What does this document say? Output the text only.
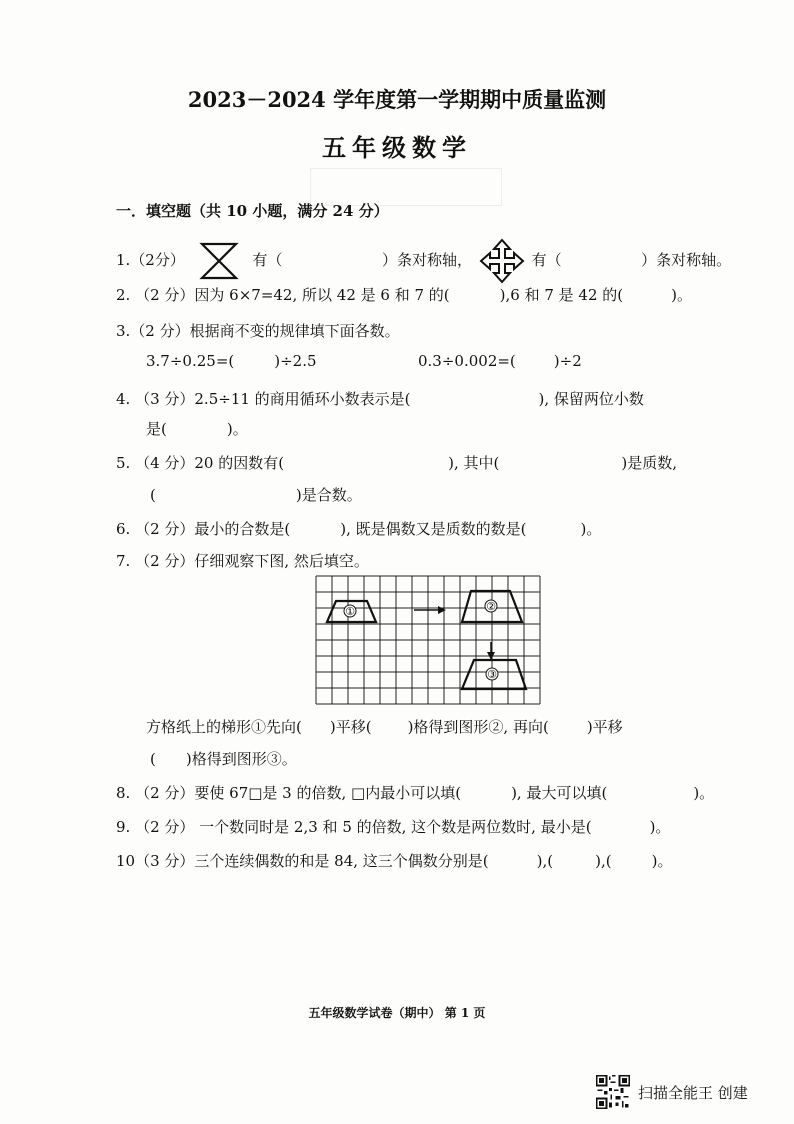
2023－2024 学年度第一学期期中质量监测
五年级数学
一．填空题（共 10 小题，满分 24 分）
1.（2分）	有（	）条对称轴，	有（	）条对称轴。
2. （2 分）因为 6×7=42, 所以 42 是 6 和 7 的(	),6 和 7 是 42 的(	)。
3.（2 分）根据商不变的规律填下面各数。
3.7÷0.25=(	)÷2.5	0.3÷0.002=(	)÷2
4. （3 分）2.5÷11 的商用循环小数表示是(	), 保留两位小数
是(	)。
5. （4 分）20 的因数有(	), 其中(	)是质数,
(	)是合数。
6. （2 分）最小的合数是(	), 既是偶数又是质数的数是(	)。
7. （2 分）仔细观察下图, 然后填空。
①	②
③
方格纸上的梯形①先向( )平移( )格得到图形②, 再向(	)平移
( )格得到图形③。
8. （2 分）要使 67□是 3 的倍数, □内最小可以填(	), 最大可以填(	)。
9. （2 分） 一个数同时是 2,3 和 5 的倍数, 这个数是两位数时, 最小是(	)。
10（3 分）三个连续偶数的和是 84, 这三个偶数分别是(	),(	),(	)。
五年级数学试卷（期中） 第 1 页
扫描全能王 创建
